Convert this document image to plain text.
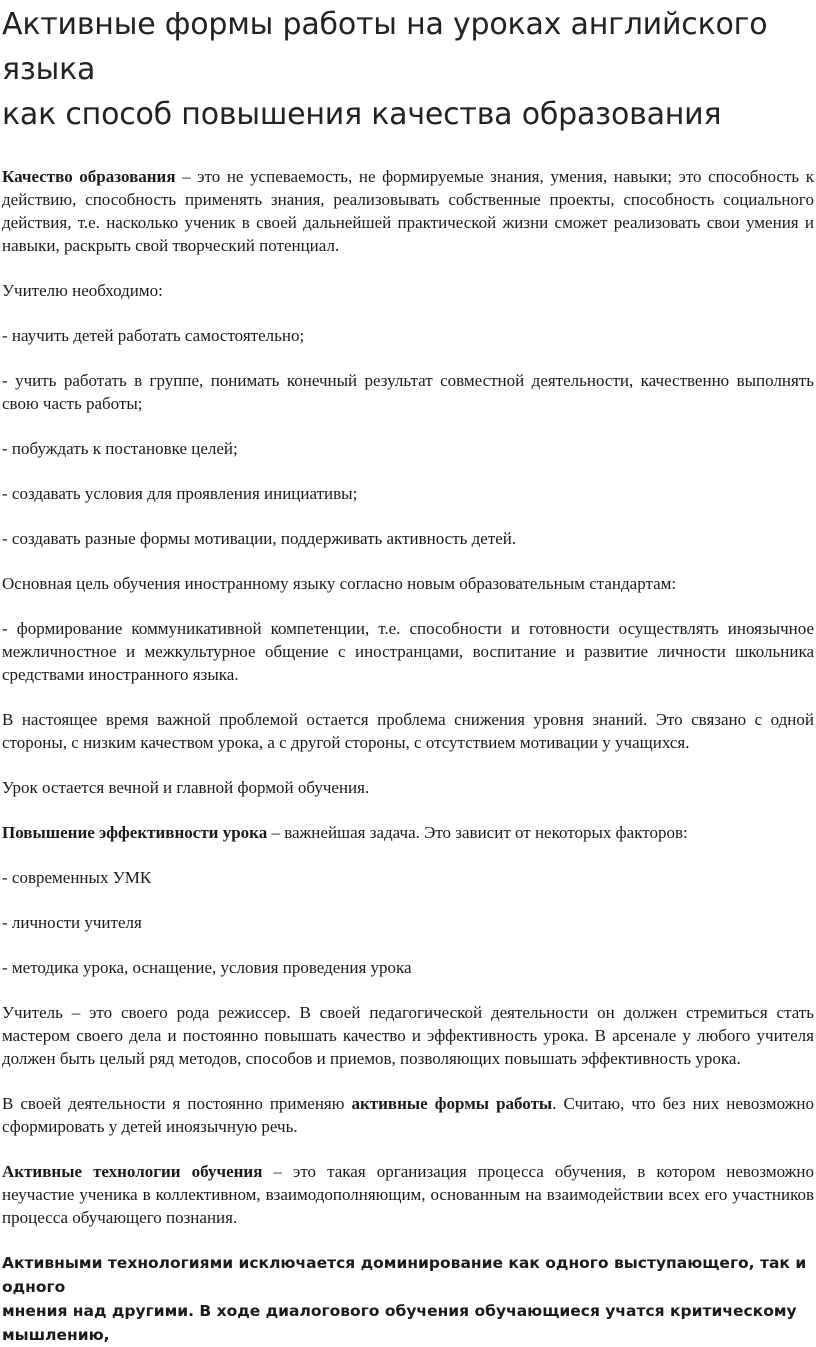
Активные формы работы на уроках английского языка
как способ повышения качества образования

Качество образования – это не успеваемость, не формируемые знания, умения, навыки; это способность к действию, способность применять знания, реализовывать собственные проекты, способность социального действия, т.е. насколько ученик в своей дальнейшей практической жизни сможет реализовать свои умения и навыки, раскрыть свой творческий потенциал.

Учителю необходимо:

- научить детей работать самостоятельно;

- учить работать в группе, понимать конечный результат совместной деятельности, качественно выполнять свою часть работы;

- побуждать к постановке целей;

- создавать условия для проявления инициативы;

- создавать разные формы мотивации, поддерживать активность детей.

Основная цель обучения иностранному языку согласно новым образовательным стандартам:

- формирование коммуникативной компетенции, т.е. способности и готовности осуществлять иноязычное межличностное и межкультурное общение с иностранцами, воспитание и развитие личности школьника средствами иностранного языка.

В настоящее время важной проблемой остается проблема снижения уровня знаний. Это связано с одной стороны, с низким качеством урока, а с другой стороны, с отсутствием мотивации у учащихся.

Урок остается вечной и главной формой обучения.

Повышение эффективности урока – важнейшая задача. Это зависит от некоторых факторов:

- современных УМК

- личности учителя

- методика урока, оснащение, условия проведения урока

Учитель – это своего рода режиссер. В своей педагогической деятельности он должен стремиться стать мастером своего дела и постоянно повышать качество и эффективность урока. В арсенале у любого учителя должен быть целый ряд методов, способов и приемов, позволяющих повышать эффективность урока.

В своей деятельности я постоянно применяю активные формы работы. Считаю, что без них невозможно сформировать у детей иноязычную речь.

Активные технологии обучения – это такая организация процесса обучения, в котором невозможно неучастие ученика в коллективном, взаимодополняющим, основанным на взаимодействии всех его участников процесса обучающего познания.

Активными технологиями исключается доминирование как одного выступающего, так и одного
мнения над другими. В ходе диалогового обучения обучающиеся учатся критическому мышлению,
